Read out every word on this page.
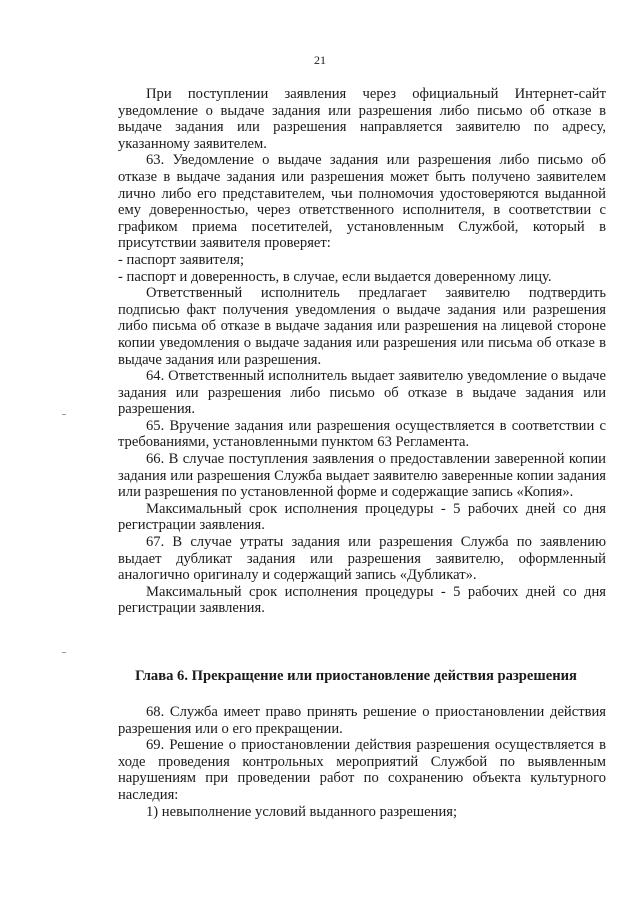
21

При поступлении заявления через официальный Интернет-сайт уведомление о выдаче задания или разрешения либо письмо об отказе в выдаче задания или разрешения направляется заявителю по адресу, указанному заявителем.

63. Уведомление о выдаче задания или разрешения либо письмо об отказе в выдаче задания или разрешения может быть получено заявителем лично либо его представителем, чьи полномочия удостоверяются выданной ему доверенностью, через ответственного исполнителя, в соответствии с графиком приема посетителей, установленным Службой, который в присутствии заявителя проверяет:

- паспорт заявителя;

- паспорт и доверенность, в случае, если выдается доверенному лицу.

Ответственный исполнитель предлагает заявителю подтвердить подписью факт получения уведомления о выдаче задания или разрешения либо письма об отказе в выдаче задания или разрешения на лицевой стороне копии уведомления о выдаче задания или разрешения или письма об отказе в выдаче задания или разрешения.

64. Ответственный исполнитель выдает заявителю уведомление о выдаче задания или разрешения либо письмо об отказе в выдаче задания или разрешения.

65. Вручение задания или разрешения осуществляется в соответствии с требованиями, установленными пунктом 63 Регламента.

66. В случае поступления заявления о предоставлении заверенной копии задания или разрешения Служба выдает заявителю заверенные копии задания или разрешения по установленной форме и содержащие запись «Копия».

Максимальный срок исполнения процедуры - 5 рабочих дней со дня регистрации заявления.

67. В случае утраты задания или разрешения Служба по заявлению выдает дубликат задания или разрешения заявителю, оформленный аналогично оригиналу и содержащий запись «Дубликат».

Максимальный срок исполнения процедуры - 5 рабочих дней со дня регистрации заявления.

Глава 6. Прекращение или приостановление действия разрешения

68. Служба имеет право принять решение о приостановлении действия разрешения или о его прекращении.

69. Решение о приостановлении действия разрешения осуществляется в ходе проведения контрольных мероприятий Службой по выявленным нарушениям при проведении работ по сохранению объекта культурного наследия:

1) невыполнение условий выданного разрешения;
